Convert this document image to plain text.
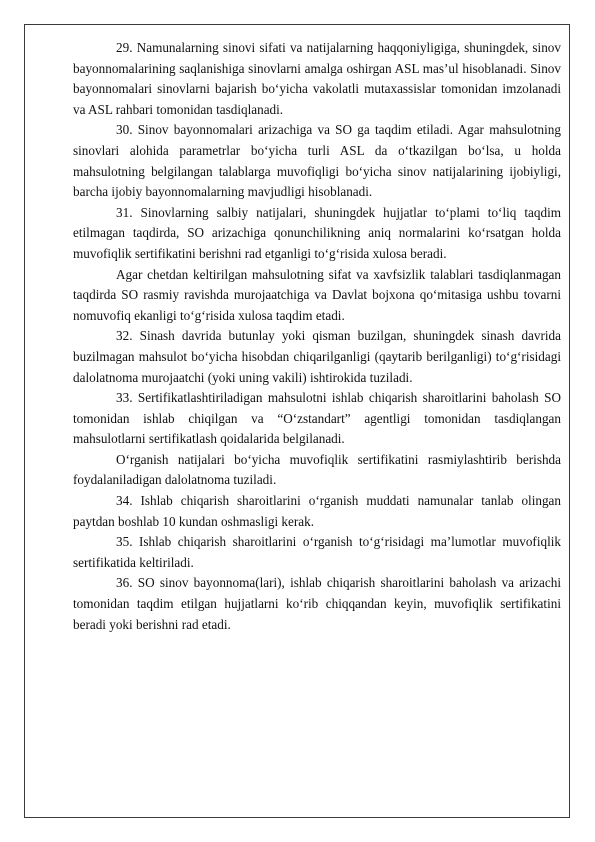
29. Namunalarning sinovi sifati va natijalarning haqqoniyligiga, shuningdek, sinov bayonnomalarining saqlanishiga sinovlarni amalga oshirgan ASL mas’ul hisoblanadi. Sinov bayonnomalari sinovlarni bajarish bo‘yicha vakolatli mutaxassislar tomonidan imzolanadi va ASL rahbari tomonidan tasdiqlanadi.

30. Sinov bayonnomalari arizachiga va SO ga taqdim etiladi. Agar mahsulotning sinovlari alohida parametrlar bo‘yicha turli ASL da o‘tkazilgan bo‘lsa, u holda mahsulotning belgilangan talablarga muvofiqligi bo‘yicha sinov natijalarining ijobiyligi, barcha ijobiy bayonnomalarning mavjudligi hisoblanadi.

31. Sinovlarning salbiy natijalari, shuningdek hujjatlar to‘plami to‘liq taqdim etilmagan taqdirda, SO arizachiga qonunchilikning aniq normalarini ko‘rsatgan holda muvofiqlik sertifikatini berishni rad etganligi to‘g‘risida xulosa beradi.

Agar chetdan keltirilgan mahsulotning sifat va xavfsizlik talablari tasdiqlanmagan taqdirda SO rasmiy ravishda murojaatchiga va Davlat bojxona qo‘mitasiga ushbu tovarni nomuvofiq ekanligi to‘g‘risida xulosa taqdim etadi.

32. Sinash davrida butunlay yoki qisman buzilgan, shuningdek sinash davrida buzilmagan mahsulot bo‘yicha hisobdan chiqarilganligi (qaytarib berilganligi) to‘g‘risidagi dalolatnoma murojaatchi (yoki uning vakili) ishtirokida tuziladi.

33. Sertifikatlashtiriladigan mahsulotni ishlab chiqarish sharoitlarini baholash SO tomonidan ishlab chiqilgan va “O‘zstandart” agentligi tomonidan tasdiqlangan mahsulotlarni sertifikatlash qoidalarida belgilanadi.

O‘rganish natijalari bo‘yicha muvofiqlik sertifikatini rasmiylashtirib berishda foydalaniladigan dalolatnoma tuziladi.

34. Ishlab chiqarish sharoitlarini o‘rganish muddati namunalar tanlab olingan paytdan boshlab 10 kundan oshmasligi kerak.

35. Ishlab chiqarish sharoitlarini o‘rganish to‘g‘risidagi ma’lumotlar muvofiqlik sertifikatida keltiriladi.

36. SO sinov bayonnoma(lari), ishlab chiqarish sharoitlarini baholash va arizachi tomonidan taqdim etilgan hujjatlarni ko‘rib chiqqandan keyin, muvofiqlik sertifikatini beradi yoki berishni rad etadi.
